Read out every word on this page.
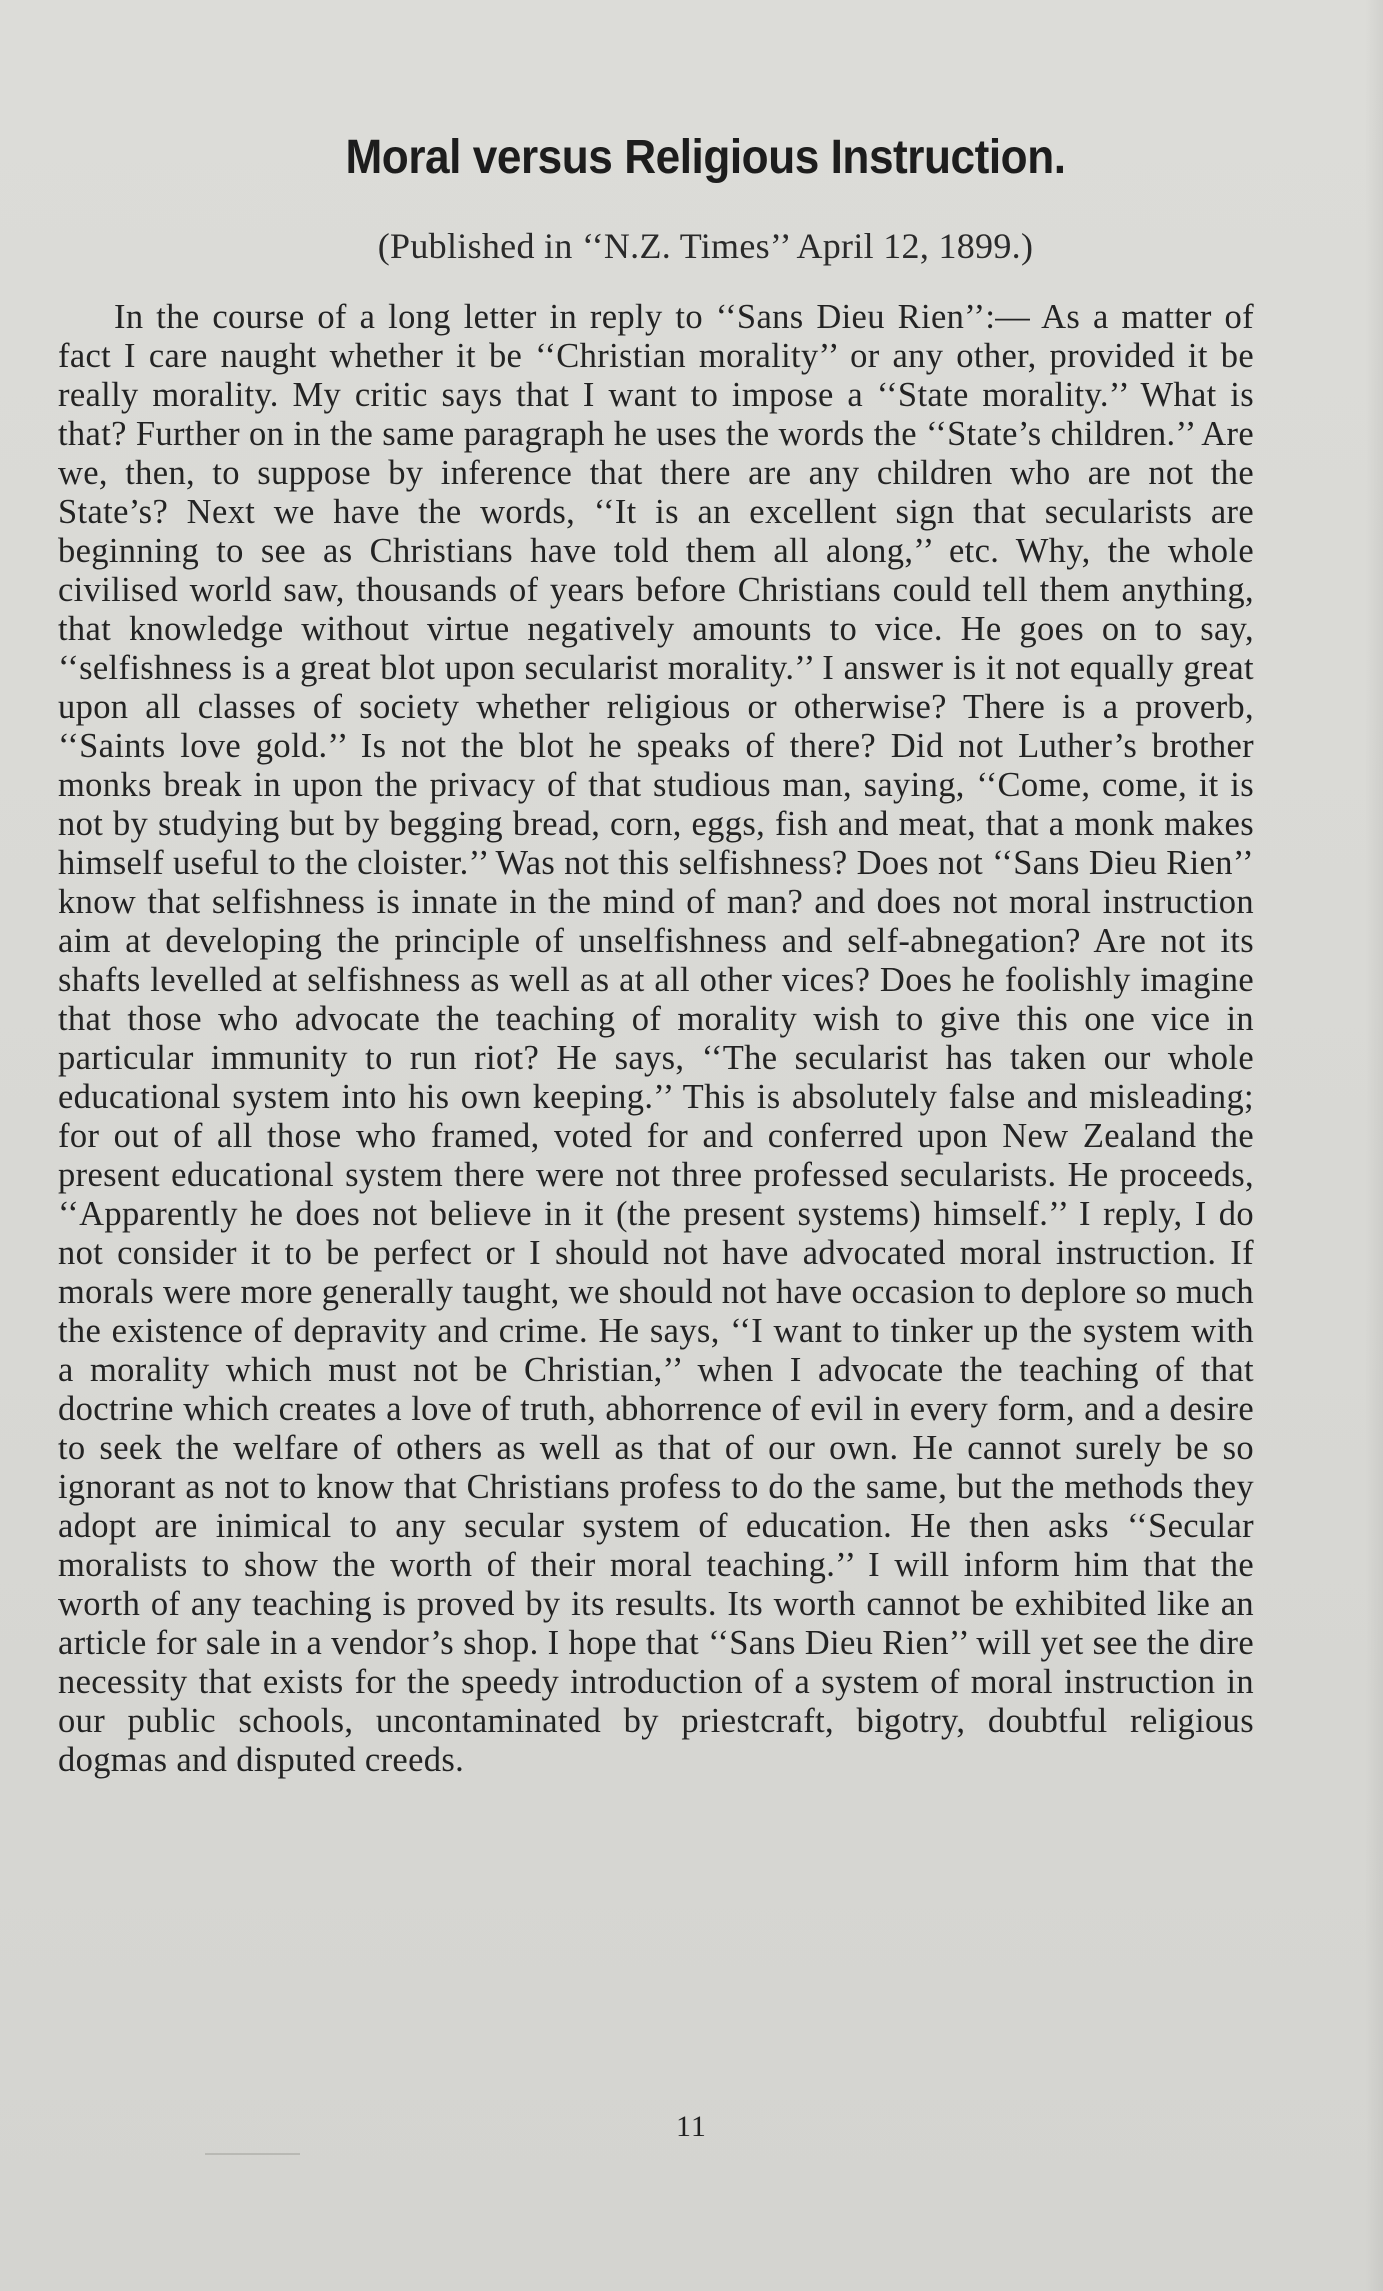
Moral versus Religious Instruction.
(Published in ‘‘N.Z. Times’’ April 12, 1899.)

In the course of a long letter in reply to ‘‘Sans Dieu Rien’’:— As a matter of fact I care naught whether it be ‘‘Christian morality’’ or any other, provided it be really morality. My critic says that I want to impose a ‘‘State morality.’’ What is that? Further on in the same paragraph he uses the words the ‘‘State’s children.’’ Are we, then, to suppose by inference that there are any children who are not the State’s? Next we have the words, ‘‘It is an excellent sign that secularists are beginning to see as Christians have told them all along,’’ etc. Why, the whole civilised world saw, thousands of years before Christians could tell them anything, that knowledge without virtue negatively amounts to vice. He goes on to say, ‘‘selfishness is a great blot upon secularist morality.’’ I answer is it not equally great upon all classes of society whether religious or otherwise? There is a proverb, ‘‘Saints love gold.’’ Is not the blot he speaks of there? Did not Luther’s brother monks break in upon the privacy of that studious man, saying, ‘‘Come, come, it is not by studying but by begging bread, corn, eggs, fish and meat, that a monk makes himself useful to the cloister.’’ Was not this selfishness? Does not ‘‘Sans Dieu Rien’’ know that selfishness is innate in the mind of man? and does not moral instruction aim at developing the principle of unselfishness and self-abnegation? Are not its shafts levelled at selfishness as well as at all other vices? Does he foolishly imagine that those who advocate the teaching of morality wish to give this one vice in particular immunity to run riot? He says, ‘‘The secularist has taken our whole educational system into his own keeping.’’ This is absolutely false and misleading; for out of all those who framed, voted for and conferred upon New Zealand the present educational system there were not three professed secularists. He proceeds, ‘‘Apparently he does not believe in it (the present systems) himself.’’ I reply, I do not consider it to be perfect or I should not have advocated moral instruction. If morals were more generally taught, we should not have occasion to deplore so much the existence of depravity and crime. He says, ‘‘I want to tinker up the system with a morality which must not be Christian,’’ when I advocate the teaching of that doctrine which creates a love of truth, abhorrence of evil in every form, and a desire to seek the welfare of others as well as that of our own. He cannot surely be so ignorant as not to know that Christians profess to do the same, but the methods they adopt are inimical to any secular system of education. He then asks ‘‘Secular moralists to show the worth of their moral teaching.’’ I will inform him that the worth of any teaching is proved by its results. Its worth cannot be exhibited like an article for sale in a vendor’s shop. I hope that ‘‘Sans Dieu Rien’’ will yet see the dire necessity that exists for the speedy introduction of a system of moral instruction in our public schools, uncontaminated by priestcraft, bigotry, doubtful religious dogmas and disputed creeds.

11
